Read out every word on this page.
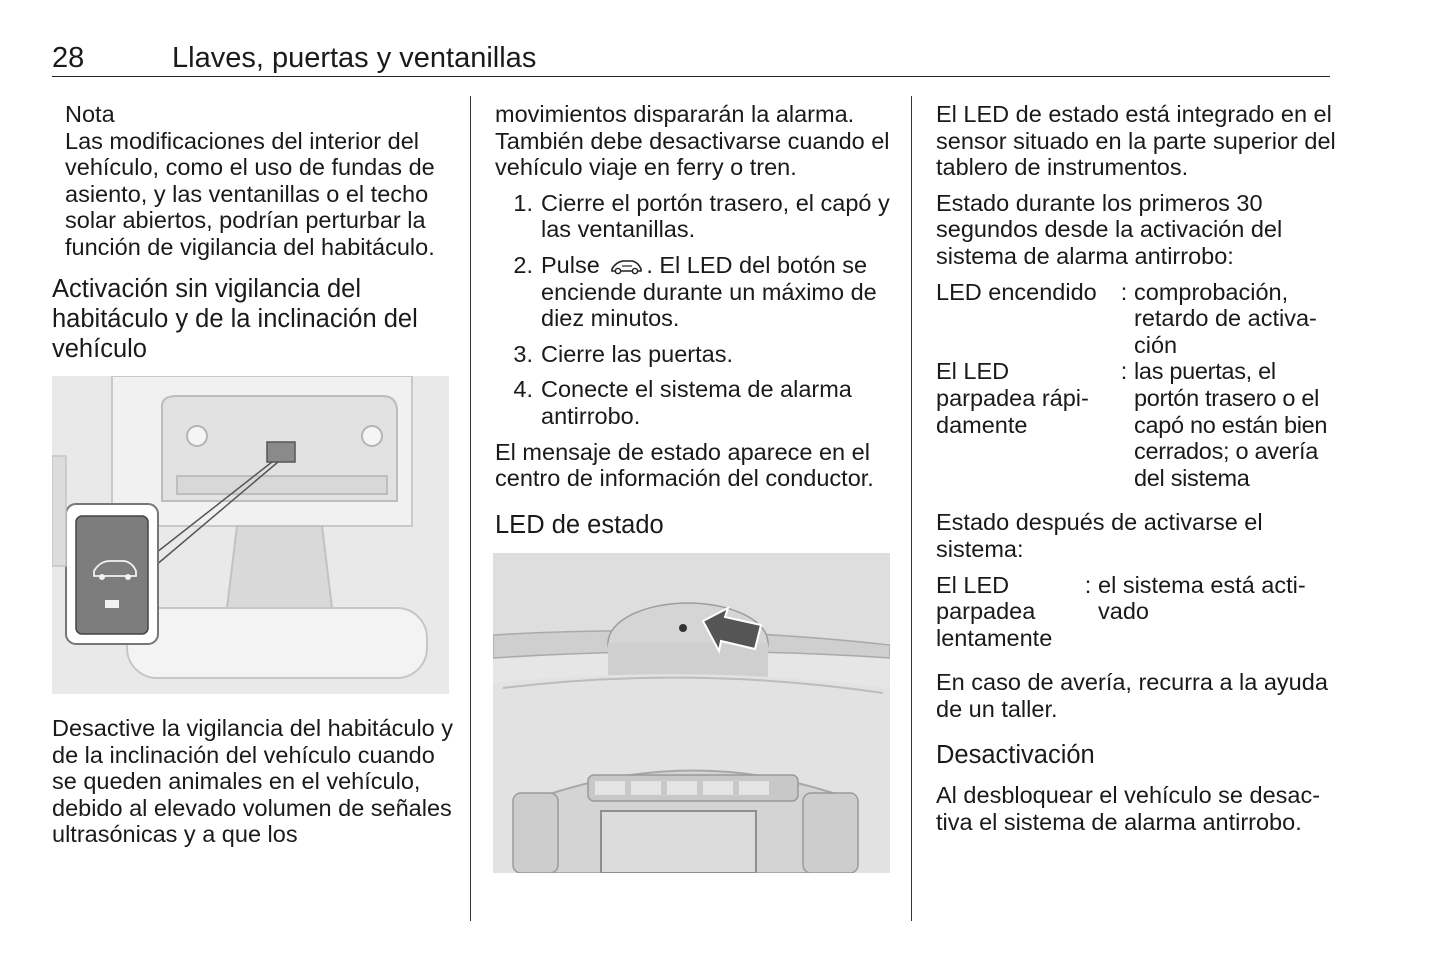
28	Llaves, puertas y ventanillas

Nota

Las modificaciones del interior del vehículo, como el uso de fundas de asiento, y las ventanillas o el techo solar abiertos, podrían perturbar la función de vigilancia del habitáculo.

Activación sin vigilancia del habitáculo y de la inclinación del vehículo

Desactive la vigilancia del habitáculo y de la inclinación del vehículo cuando se queden animales en el vehículo, debido al elevado volumen de señales ultrasónicas y a que los

movimientos dispararán la alarma. También debe desactivarse cuando el vehículo viaje en ferry o tren.

1. Cierre el portón trasero, el capó y las ventanillas.
2. Pulse . El LED del botón se enciende durante un máximo de diez minutos.
3. Cierre las puertas.
4. Conecte el sistema de alarma antirrobo.

El mensaje de estado aparece en el centro de información del conductor.

LED de estado

El LED de estado está integrado en el sensor situado en la parte superior del tablero de instrumentos.

Estado durante los primeros 30 segundos desde la activación del sistema de alarma antirrobo:

LED encendido	: comprobación, retardo de activación
El LED parpadea rápidamente
: las puertas, el portón trasero o el capó no están bien cerrados; o avería del sistema

Estado después de activarse el sistema:

El LED parpadea lentamente
: el sistema está activado

En caso de avería, recurra a la ayuda de un taller.

Desactivación

Al desbloquear el vehículo se desactiva el sistema de alarma antirrobo.
